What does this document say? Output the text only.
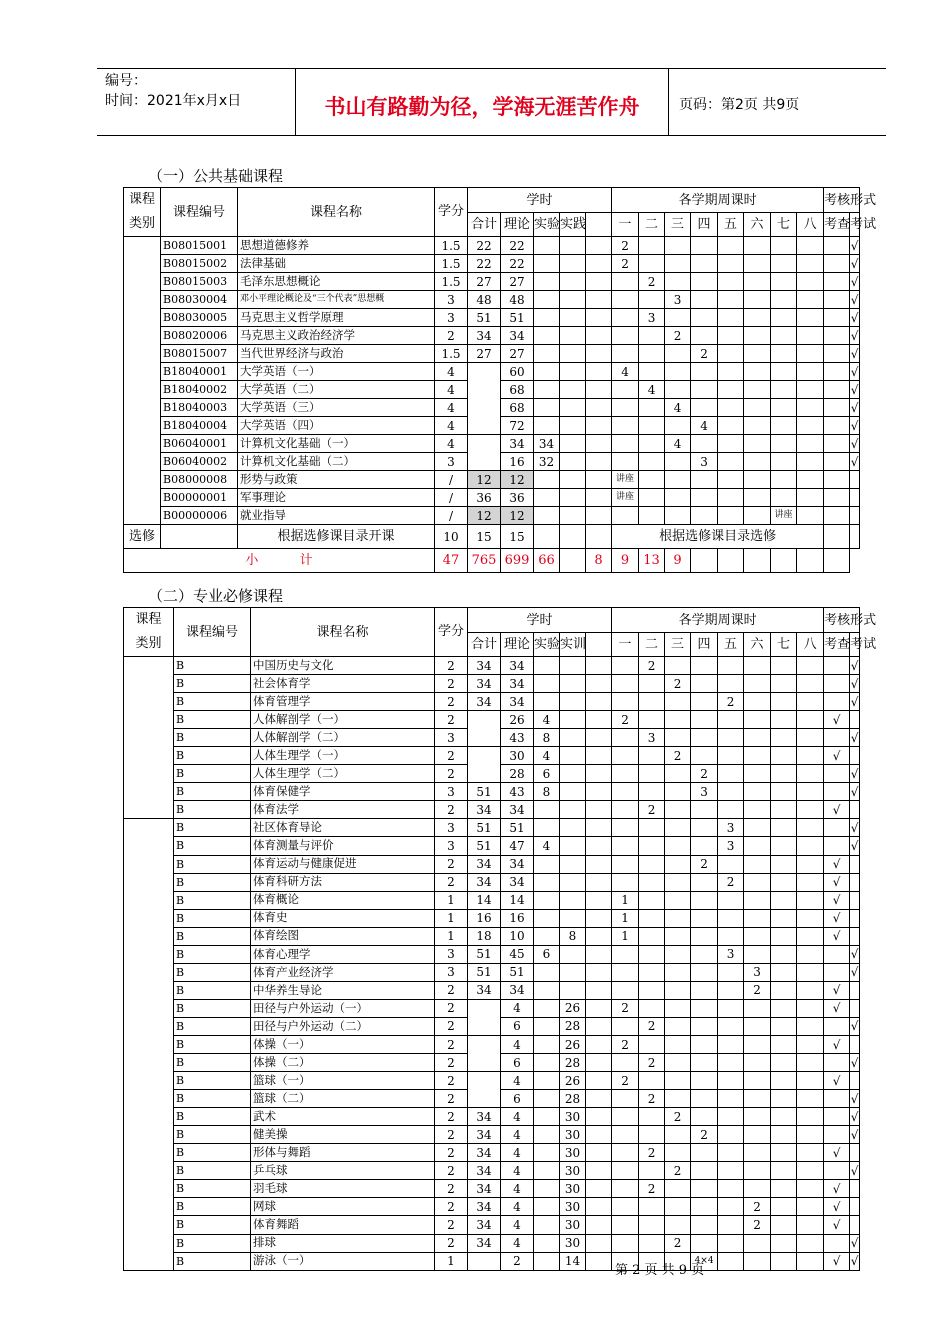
编号：
时间：2021年x月x日	书山有路勤为径，学海无涯苦作舟	页码：第2页 共9页
（一）公共基础课程
课程类别	课程编号	课程名称	学分	学时					各学期周课时								考核形式	
				合计	理论	实验	实践		一	二	三	四	五	六	七	八	考查	考试
	B08015001	思想道德修养	1.5	22	22				2									√
	B08015002	法律基础	1.5	22	22				2									√
	B08015003	毛泽东思想概论	1.5	27	27					2								√
	B08030004	邓小平理论概论及“三个代表”思想概	3	48	48						3							√
	B08030005	马克思主义哲学原理	3	51	51					3								√
	B08020006	马克思主义政治经济学	2	34	34						2							√
	B08015007	当代世界经济与政治	1.5	27	27							2						√
	B18040001	大学英语（一）	4		60				4									√
	B18040002	大学英语（二）	4		68					4								√
	B18040003	大学英语（三）	4		68						4							√
	B18040004	大学英语（四）	4		72							4						√
	B06040001	计算机文化基础（一）	4		34	34					4							√
	B06040002	计算机文化基础（二）	3		16	32						3						√
	B08000008	形势与政策	/	12	12				讲座									
	B00000001	军事理论	/	36	36				讲座									
	B00000006	就业指导	/	12	12										讲座			
选修		根据选修课目录开课	10	15	15				根据选修课目录选修									
小          计			47	765	699	66		8	9	13	9							
（二）专业必修课程
课程类别	课程编号	课程名称	学分	学时					各学期周课时								考核形式	
				合计	理论	实验	实训		一	二	三	四	五	六	七	八	考查	考试
	B	中国历史与文化	2	34	34					2								√
	B	社会体育学	2	34	34						2							√
	B	体育管理学	2	34	34								2					√
	B	人体解剖学（一）	2		26	4			2								√	
	B	人体解剖学（二）	3		43	8				3								√
	B	人体生理学（一）	2		30	4					2						√	
	B	人体生理学（二）	2		28	6						2						√
	B	体育保健学	3	51	43	8						3						√
	B	体育法学	2	34	34					2							√	
	B	社区体育导论	3	51	51								3					√
	B	体育测量与评价	3	51	47	4							3					√
	B	体育运动与健康促进	2	34	34							2					√	
	B	体育科研方法	2	34	34								2				√	
	B	体育概论	1	14	14				1								√	
	B	体育史	1	16	16				1								√	
	B	体育绘图	1	18	10		8		1								√	
	B	体育心理学	3	51	45	6							3					√
	B	体育产业经济学	3	51	51									3				√
	B	中华养生导论	2	34	34									2			√	
	B	田径与户外运动（一）	2		4		26		2								√	
	B	田径与户外运动（二）	2		6		28			2								√
	B	体操（一）	2		4		26		2								√	
	B	体操（二）	2		6		28			2								√
	B	篮球（一）	2		4		26		2								√	
	B	篮球（二）	2		6		28			2								√
	B	武术	2	34	4		30				2							√
	B	健美操	2	34	4		30					2						√
	B	形体与舞蹈	2	34	4		30			2							√	
	B	乒乓球	2	34	4		30				2							√
	B	羽毛球	2	34	4		30			2							√	
	B	网球	2	34	4		30							2			√	
	B	体育舞蹈	2	34	4		30							2			√	
	B	排球	2	34	4		30				2							√
	B	游泳（一）	1		2		14					4×4					√	√
第 2 页 共 9 页
